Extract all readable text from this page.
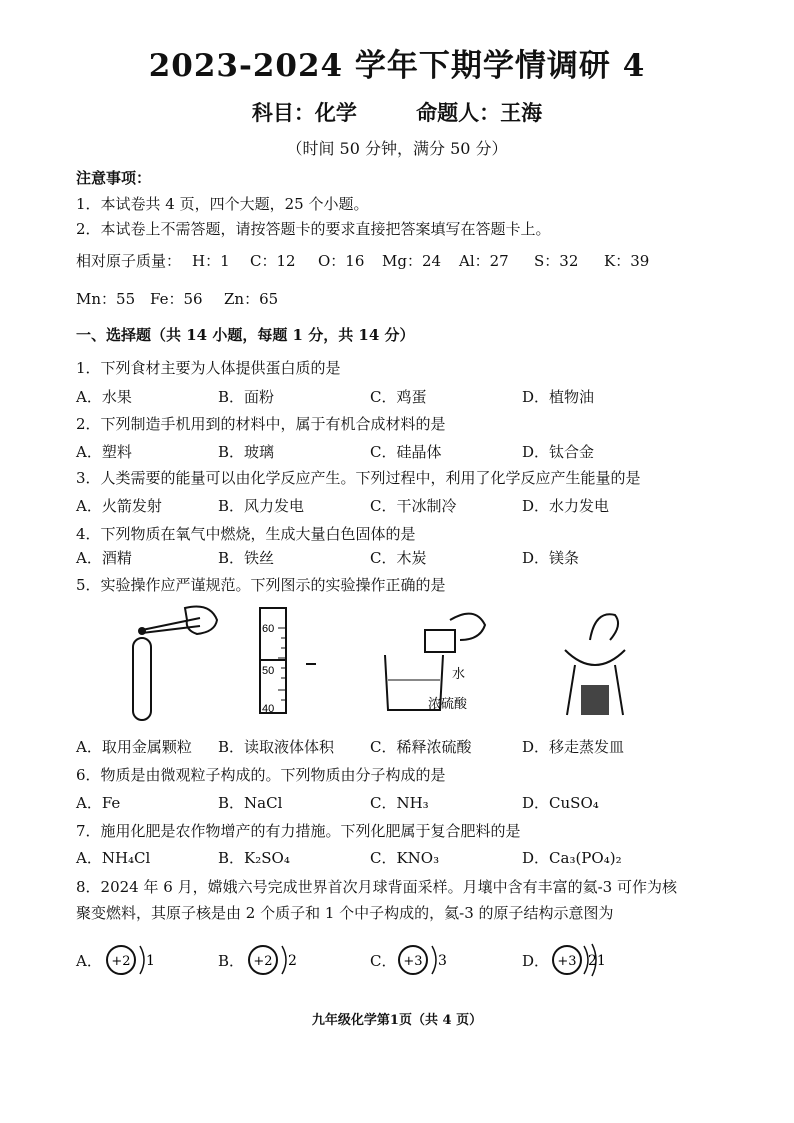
2023-2024 学年下期学情调研 4
科目：化学	命题人：王海
（时间 50 分钟，满分 50 分）
注意事项：
1．本试卷共 4 页，四个大题，25 个小题。
2．本试卷上不需答题，请按答题卡的要求直接把答案填写在答题卡上。
相对原子质量： H：1 C：12 O：16 Mg：24 Al：27 S：32 K：39
Mn：55 Fe：56 Zn：65
一、选择题（共 14 小题，每题 1 分，共 14 分）
1．下列食材主要为人体提供蛋白质的是
A．水果	B．面粉	C．鸡蛋	D．植物油
2．下列制造手机用到的材料中，属于有机合成材料的是
A．塑料	B．玻璃	C．硅晶体	D．钛合金
3．人类需要的能量可以由化学反应产生。下列过程中，利用了化学反应产生能量的是
A．火箭发射	B．风力发电	C．干冰制冷	D．水力发电
4．下列物质在氧气中燃烧，生成大量白色固体的是
A．酒精	B．铁丝	C．木炭	D．镁条
5．实验操作应严谨规范。下列图示的实验操作正确的是
60
50
40
水
浓硫酸
A．取用金属颗粒 B．读取液体体积 C．稀释浓硫酸	D．移走蒸发皿
6．物质是由微观粒子构成的。下列物质由分子构成的是
A．Fe	B．NaCl	C．NH₃	D．CuSO₄
7．施用化肥是农作物增产的有力措施。下列化肥属于复合肥料的是
A．NH₄Cl	B．K₂SO₄	C．KNO₃	D．Ca₃(PO₄)₂
8．2024 年 6 月，嫦娥六号完成世界首次月球背面采样。月壤中含有丰富的氦-3 可作为核
聚变燃料，其原子核是由 2 个质子和 1 个中子构成的，氦-3 的原子结构示意图为
A． +2 1	B． +2 2	C． +3 3	D． +3 21
九年级化学第1页（共 4 页）
